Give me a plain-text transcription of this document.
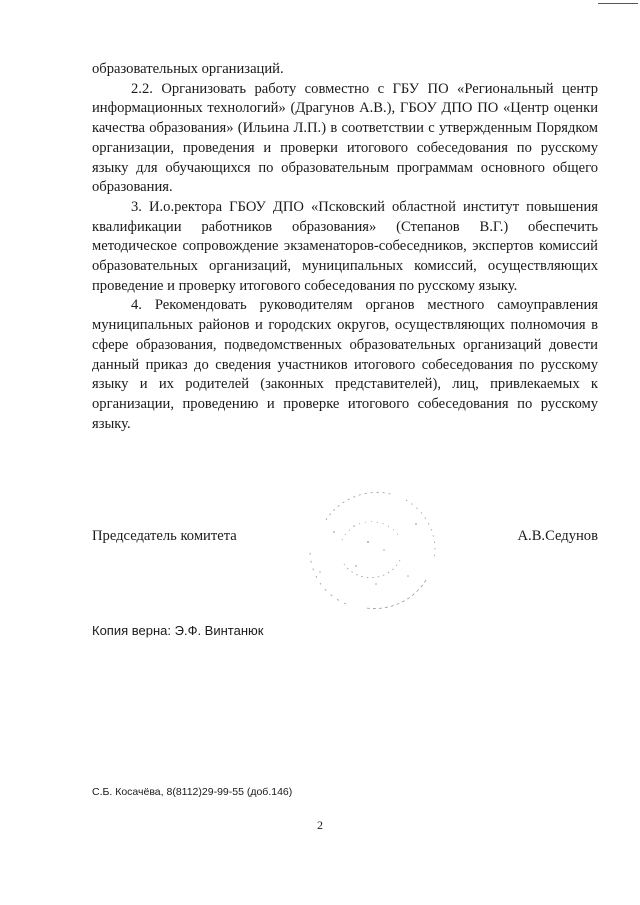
образовательных организаций.

2.2. Организовать работу совместно с ГБУ ПО «Региональный центр информационных технологий» (Драгунов А.В.), ГБОУ ДПО ПО «Центр оценки качества образования» (Ильина Л.П.) в соответствии с утвержденным Порядком организации, проведения и проверки итогового собеседования по русскому языку для обучающихся по образовательным программам основного общего образования.

3. И.о.ректора ГБОУ ДПО «Псковский областной институт повышения квалификации работников образования» (Степанов В.Г.) обеспечить методическое сопровождение экзаменаторов-собеседников, экспертов комиссий образовательных организаций, муниципальных комиссий, осуществляющих проведение и проверку итогового собеседования по русскому языку.

4. Рекомендовать руководителям органов местного самоуправления муниципальных районов и городских округов, осуществляющих полномочия в сфере образования, подведомственных образовательных организаций довести данный приказ до сведения участников итогового собеседования по русскому языку и их родителей (законных представителей), лиц, привлекаемых к организации, проведению и проверке итогового собеседования по русскому языку.

Председатель комитета	А.В.Седунов
Копия верна: Э.Ф. Винтанюк
С.Б. Косачёва, 8(8112)29-99-55 (доб.146)
2
